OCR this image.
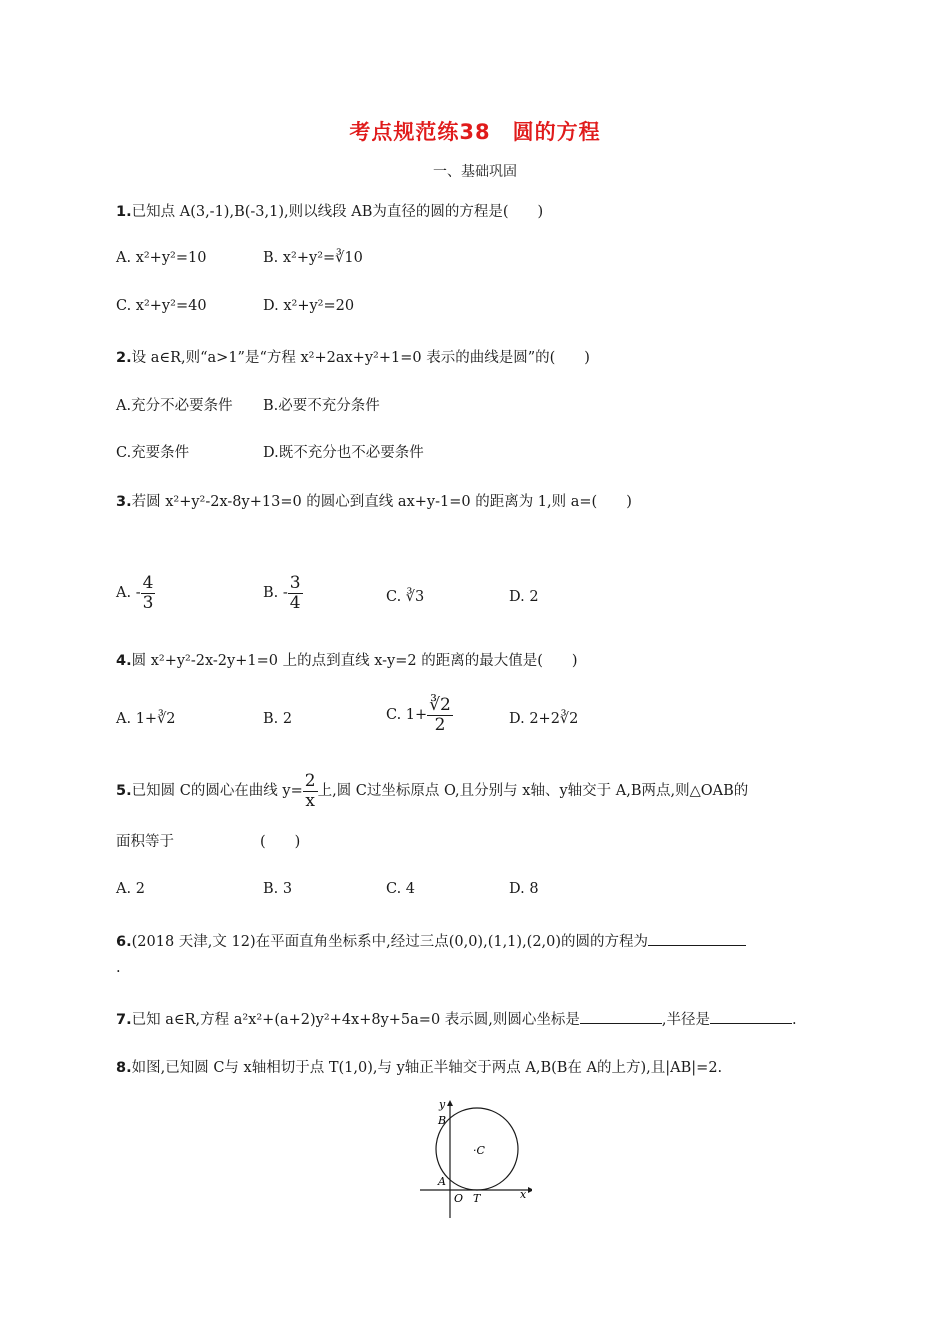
考点规范练38　圆的方程
一、基础巩固
1.已知点 A(3,-1),B(-3,1),则以线段 AB为直径的圆的方程是(　　)
A. x²+y²=10	B. x²+y²=∛10
C. x²+y²=40	D. x²+y²=20
2.设 a∈R,则“a>1”是“方程 x²+2ax+y²+1=0 表示的曲线是圆”的(　　)
A.充分不必要条件 B.必要不充分条件
C.充要条件	D.既不充分也不必要条件
3.若圆 x²+y²-2x-8y+13=0 的圆心到直线 ax+y-1=0 的距离为 1,则 a=(　　)
A. - $\frac{4}{3}$	B. - $\frac{3}{4}$	C. ∛3	D. 2
4.圆 x²+y²-2x-2y+1=0 上的点到直线 x-y=2 的距离的最大值是(　　)
A. 1+∛2	B. 2	C. $1+ \frac{∛2}{2}$	D. 2+2∛2
5.已知圆 C的圆心在曲线 $y= \frac{2}{x}$ 上,圆 C过坐标原点 O,且分别与 x轴、y轴交于 A,B两点,则△OAB的
面积等于	(　　)
A. 2	B. 3	C. 4	D. 8
6.(2018 天津,文 12)在平面直角坐标系中,经过三点(0,0),(1,1),(2,0)的圆的方程为
.
7.已知 a∈R,方程 a²x²+(a+2)y²+4x+8y+5a=0 表示圆,则圆心坐标是	,半径是	.
8.如图,已知圆 C与 x轴相切于点 T(1,0),与 y轴正半轴交于两点 A,B(B在 A的上方),且|AB|=2.
y
x
B
A
O T
·C
